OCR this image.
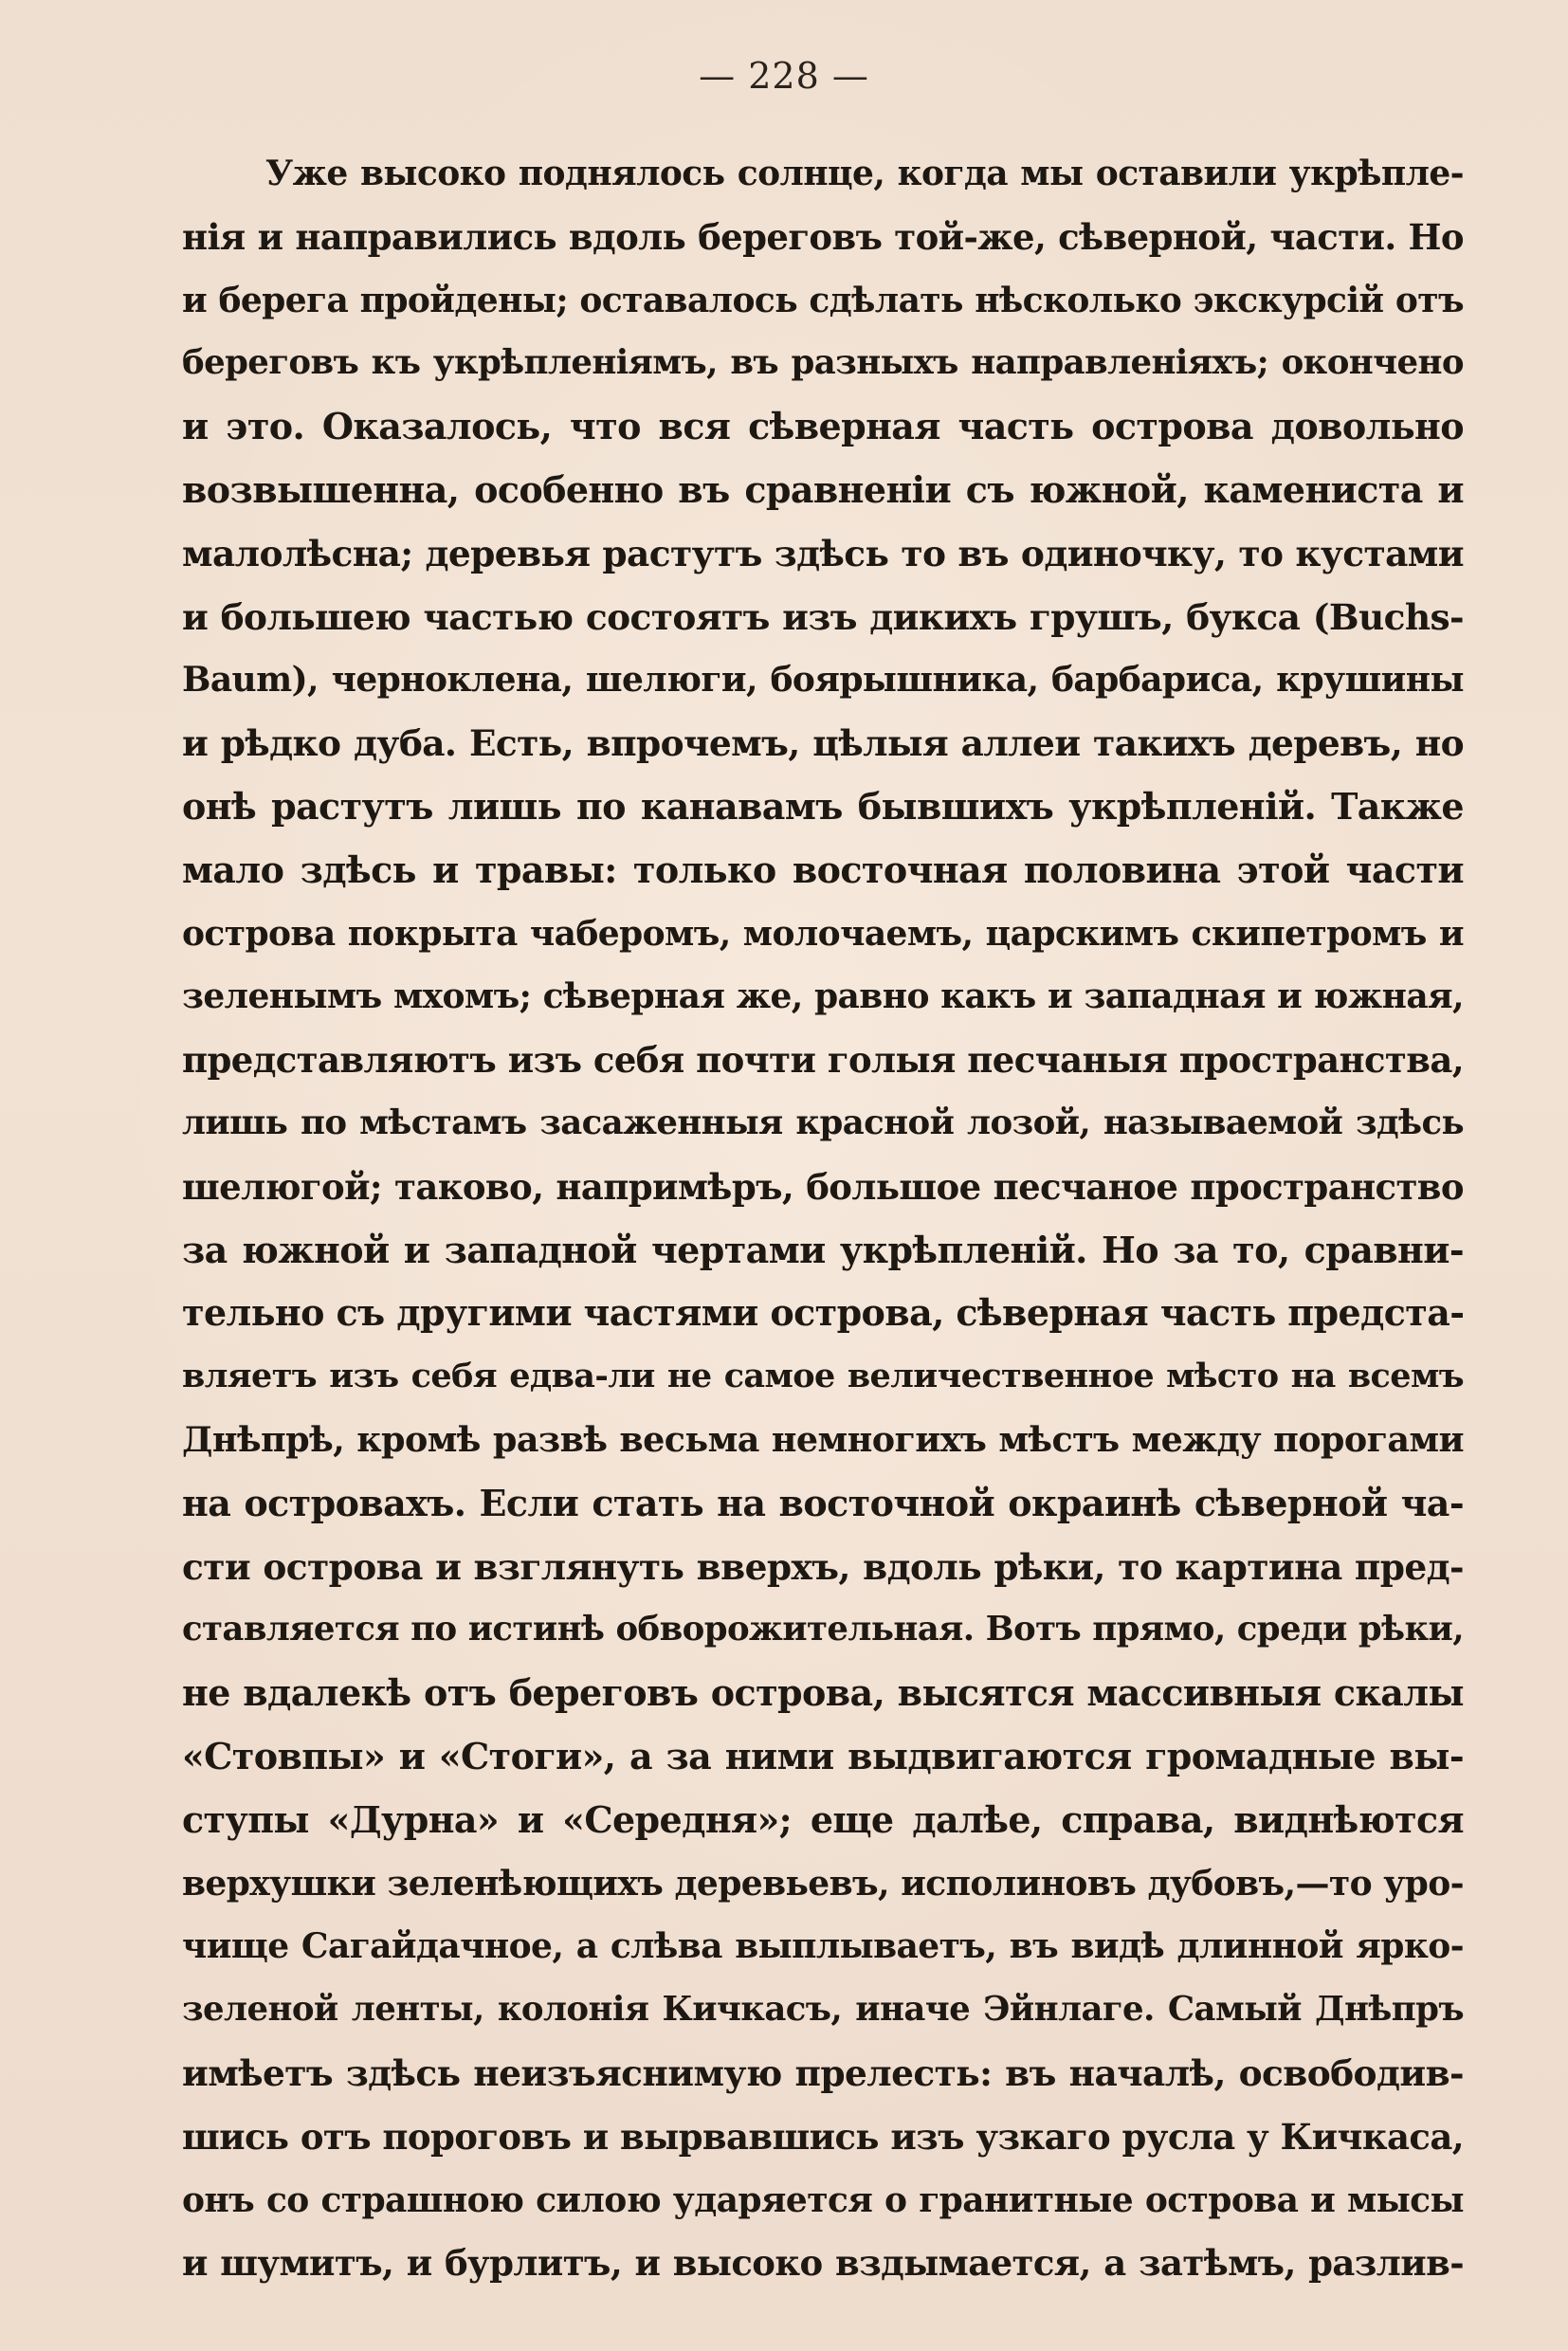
— 228 —
Уже высоко поднялось солнце, когда мы оставили укрѣпле-
нія и направились вдоль береговъ той-же, сѣверной, части. Но
и берега пройдены; оставалось сдѣлать нѣсколько экскурсій отъ
береговъ къ укрѣпленіямъ, въ разныхъ направленіяхъ; окончено
и это. Оказалось, что вся сѣверная часть острова довольно
возвышенна, особенно въ сравненіи съ южной, камениста и
малолѣсна; деревья растутъ здѣсь то въ одиночку, то кустами
и большею частью состоятъ изъ дикихъ грушъ, букса (Buchs-
Baum), черноклена, шелюги, боярышника, барбариса, крушины
и рѣдко дуба. Есть, впрочемъ, цѣлыя аллеи такихъ деревъ, но
онѣ растутъ лишь по канавамъ бывшихъ укрѣпленій. Также
мало здѣсь и травы: только восточная половина этой части
острова покрыта чаберомъ, молочаемъ, царскимъ скипетромъ и
зеленымъ мхомъ; сѣверная же, равно какъ и западная и южная,
представляютъ изъ себя почти голыя песчаныя пространства,
лишь по мѣстамъ засаженныя красной лозой, называемой здѣсь
шелюгой; таково, напримѣръ, большое песчаное пространство
за южной и западной чертами укрѣпленій. Но за то, сравни-
тельно съ другими частями острова, сѣверная часть предста-
вляетъ изъ себя едва-ли не самое величественное мѣсто на всемъ
Днѣпрѣ, кромѣ развѣ весьма немногихъ мѣстъ между порогами
на островахъ. Если стать на восточной окраинѣ сѣверной ча-
сти острова и взглянуть вверхъ, вдоль рѣки, то картина пред-
ставляется по истинѣ обворожительная. Вотъ прямо, среди рѣки,
не вдалекѣ отъ береговъ острова, высятся массивныя скалы
«Стовпы» и «Стоги», а за ними выдвигаются громадные вы-
ступы «Дурна» и «Середня»; еще далѣе, справа, виднѣются
верхушки зеленѣющихъ деревьевъ, исполиновъ дубовъ,—то уро-
чище Сагайдачное, а слѣва выплываетъ, въ видѣ длинной ярко-
зеленой ленты, колонія Кичкасъ, иначе Эйнлаге. Самый Днѣпръ
имѣетъ здѣсь неизъяснимую прелесть: въ началѣ, освободив-
шись отъ пороговъ и вырвавшись изъ узкаго русла у Кичкаса,
онъ со страшною силою ударяется о гранитные острова и мысы
и шумитъ, и бурлитъ, и высоко вздымается, а затѣмъ, разлив-
